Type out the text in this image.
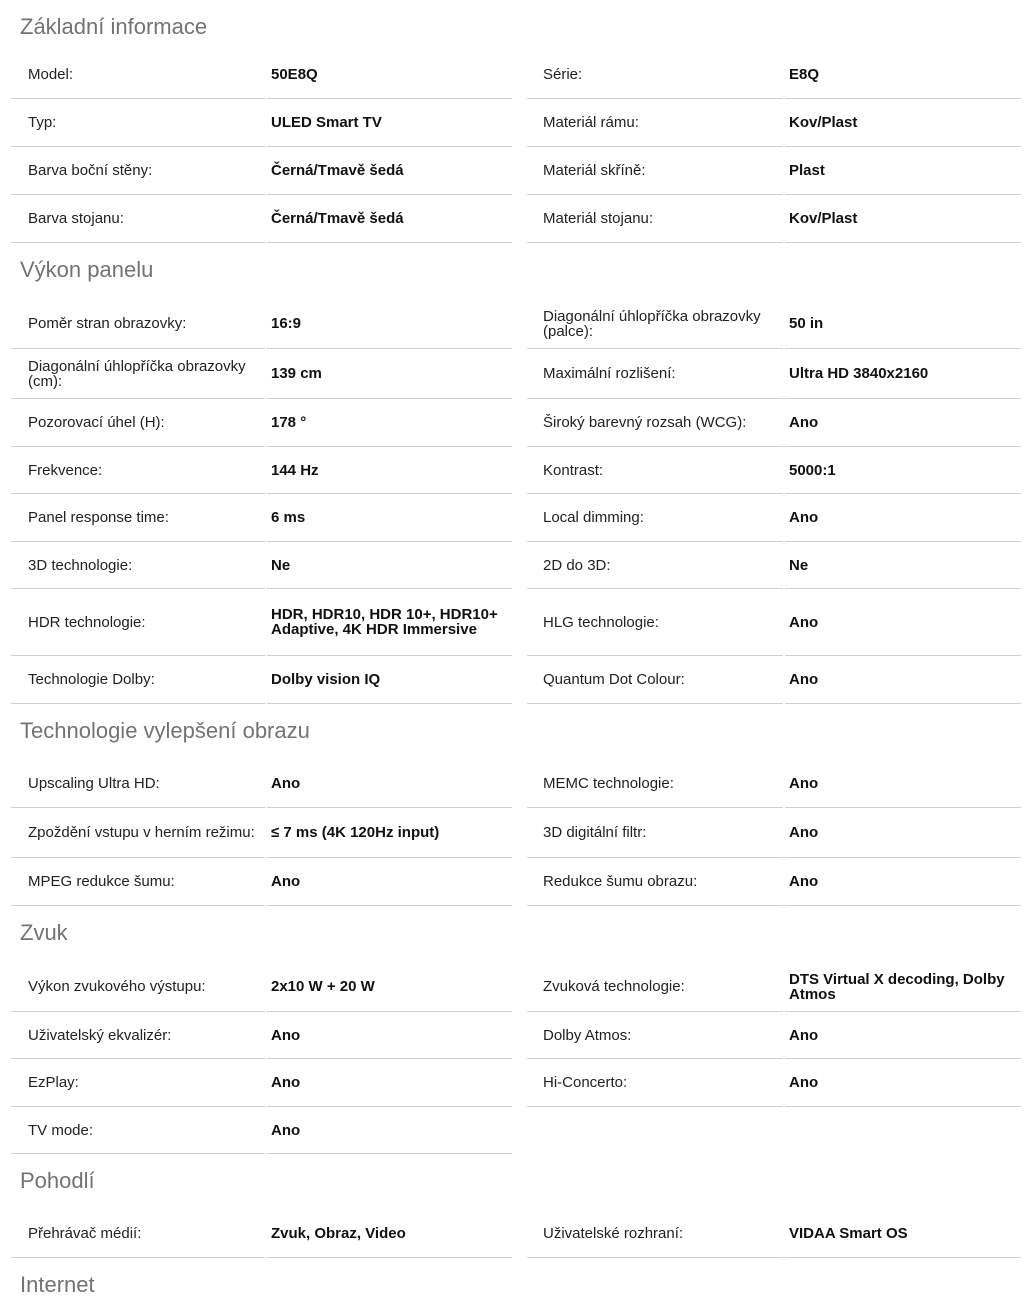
Základní informace
Model:	50E8Q	Série:	E8Q
Typ:	ULED Smart TV	Materiál rámu:	Kov/Plast
Barva boční stěny:	Černá/Tmavě šedá	Materiál skříně:	Plast
Barva stojanu:	Černá/Tmavě šedá	Materiál stojanu:	Kov/Plast
Výkon panelu
Poměr stran obrazovky:	16:9	Diagonální úhlopříčka obrazovky (palce):	50 in
Diagonální úhlopříčka obrazovky (cm):	139 cm	Maximální rozlišení:	Ultra HD 3840x2160
Pozorovací úhel (H):	178 °	Široký barevný rozsah (WCG):	Ano
Frekvence:	144 Hz	Kontrast:	5000:1
Panel response time:	6 ms	Local dimming:	Ano
3D technologie:	Ne	2D do 3D:	Ne
HDR technologie:	HDR, HDR10, HDR 10+, HDR10+ Adaptive, 4K HDR Immersive	HLG technologie:	Ano
Technologie Dolby:	Dolby vision IQ	Quantum Dot Colour:	Ano
Technologie vylepšení obrazu
Upscaling Ultra HD:	Ano	MEMC technologie:	Ano
Zpoždění vstupu v herním režimu:	≤ 7 ms (4K 120Hz input)	3D digitální filtr:	Ano
MPEG redukce šumu:	Ano	Redukce šumu obrazu:	Ano
Zvuk
Výkon zvukového výstupu:	2x10 W + 20 W	Zvuková technologie:	DTS Virtual X decoding, Dolby Atmos
Uživatelský ekvalizér:	Ano	Dolby Atmos:	Ano
EzPlay:	Ano	Hi-Concerto:	Ano
TV mode:	Ano
Pohodlí
Přehrávač médií:	Zvuk, Obraz, Video	Uživatelské rozhraní:	VIDAA Smart OS
Internet
